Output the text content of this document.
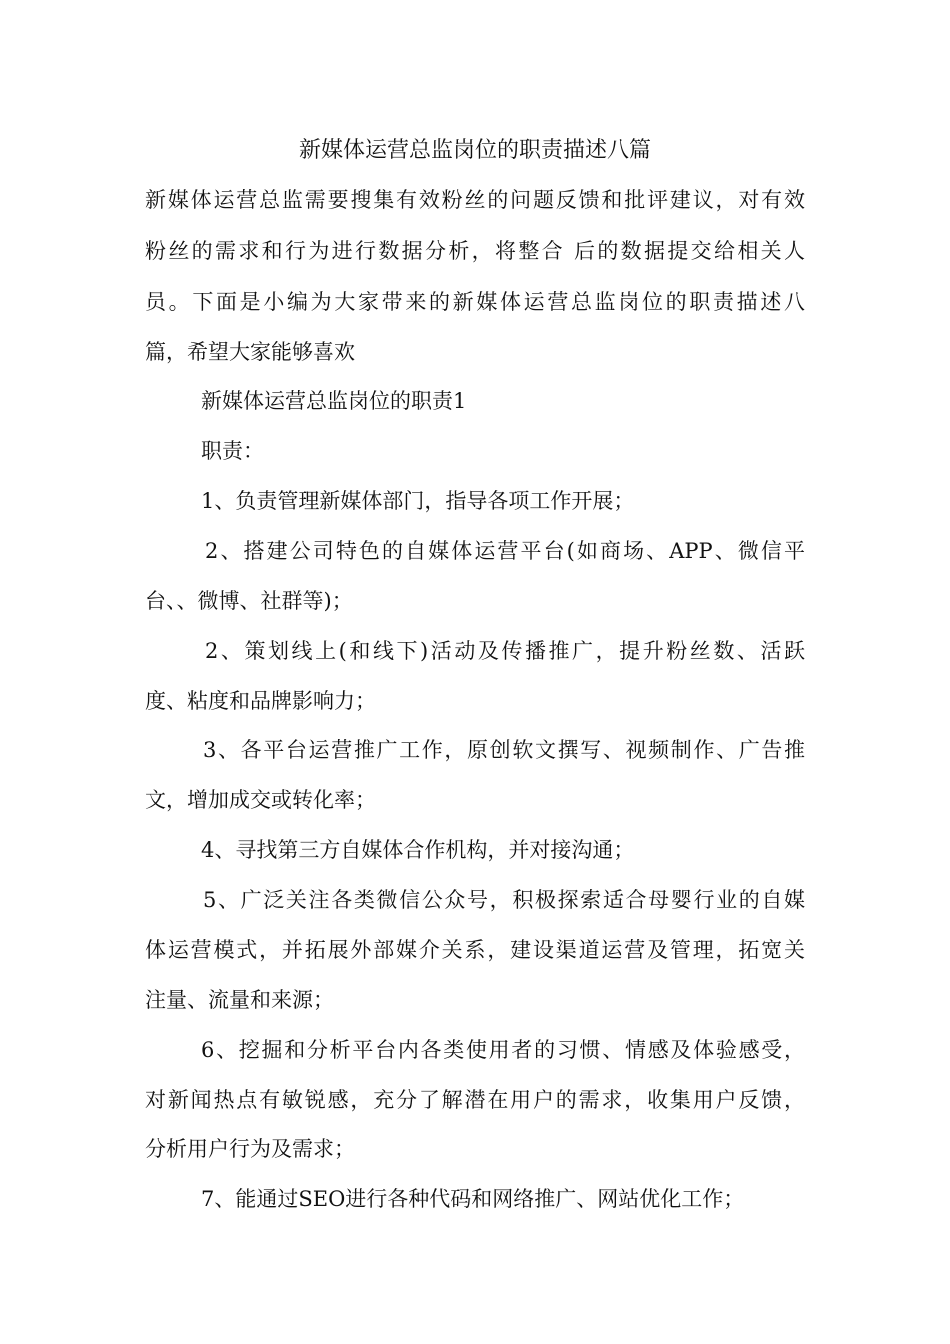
新媒体运营总监岗位的职责描述八篇
新媒体运营总监需要搜集有效粉丝的问题反馈和批评建议，对有效
粉丝的需求和行为进行数据分析，将整合 后的数据提交给相关人
员。下面是小编为大家带来的新媒体运营总监岗位的职责描述八
篇，希望大家能够喜欢
新媒体运营总监岗位的职责1
职责：
1、负责管理新媒体部门，指导各项工作开展；
2、搭建公司特色的自媒体运营平台(如商场、APP、微信平
台、、微博、社群等)；
2、策划线上(和线下)活动及传播推广，提升粉丝数、活跃
度、粘度和品牌影响力；
3、各平台运营推广工作，原创软文撰写、视频制作、广告推
文，增加成交或转化率；
4、寻找第三方自媒体合作机构，并对接沟通；
5、广泛关注各类微信公众号，积极探索适合母婴行业的自媒
体运营模式，并拓展外部媒介关系，建设渠道运营及管理，拓宽关
注量、流量和来源；
6、挖掘和分析平台内各类使用者的习惯、情感及体验感受，
对新闻热点有敏锐感，充分了解潜在用户的需求，收集用户反馈，
分析用户行为及需求；
7、能通过SEO进行各种代码和网络推广、网站优化工作；
